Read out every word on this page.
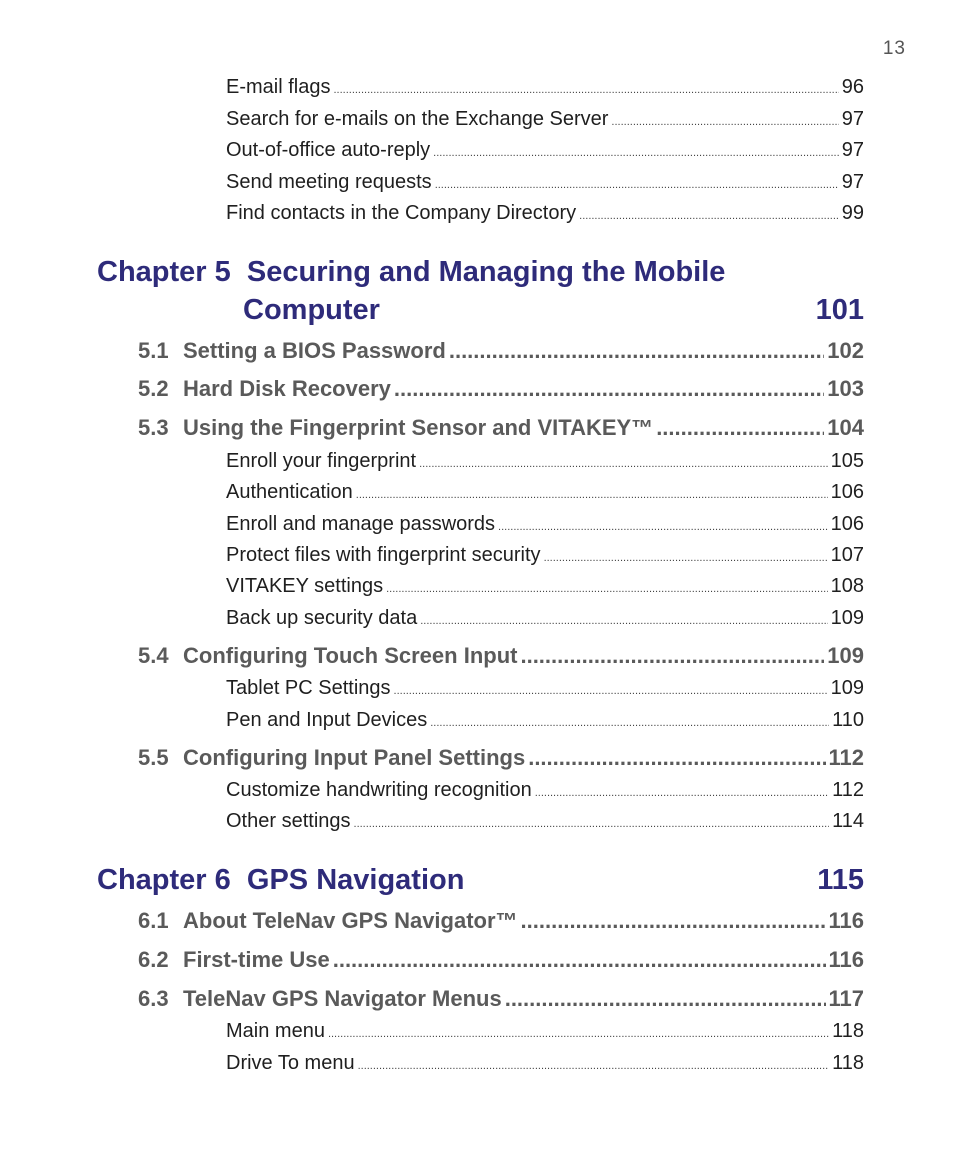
13
E-mail flags .....	96
Search for e-mails on the Exchange Server .....	97
Out-of-office auto-reply .....	97
Send meeting requests .....	97
Find contacts in the Company Directory .....	99
Chapter 5 Securing and Managing the Mobile
Computer	101
5.1 Setting a BIOS Password .....	102
5.2 Hard Disk Recovery .....	103
5.3 Using the Fingerprint Sensor and VITAKEY™ .....	104
Enroll your fingerprint .....	105
Authentication .....	106
Enroll and manage passwords .....	106
Protect files with fingerprint security .....	107
VITAKEY settings .....	108
Back up security data .....	109
5.4 Configuring Touch Screen Input .....	109
Tablet PC Settings .....	109
Pen and Input Devices .....	110
5.5 Configuring Input Panel Settings .....	112
Customize handwriting recognition .....	112
Other settings .....	114
Chapter 6 GPS Navigation	115
6.1 About TeleNav GPS Navigator™ .....	116
6.2 First-time Use .....	116
6.3 TeleNav GPS Navigator Menus .....	117
Main menu .....	118
Drive To menu .....	118
